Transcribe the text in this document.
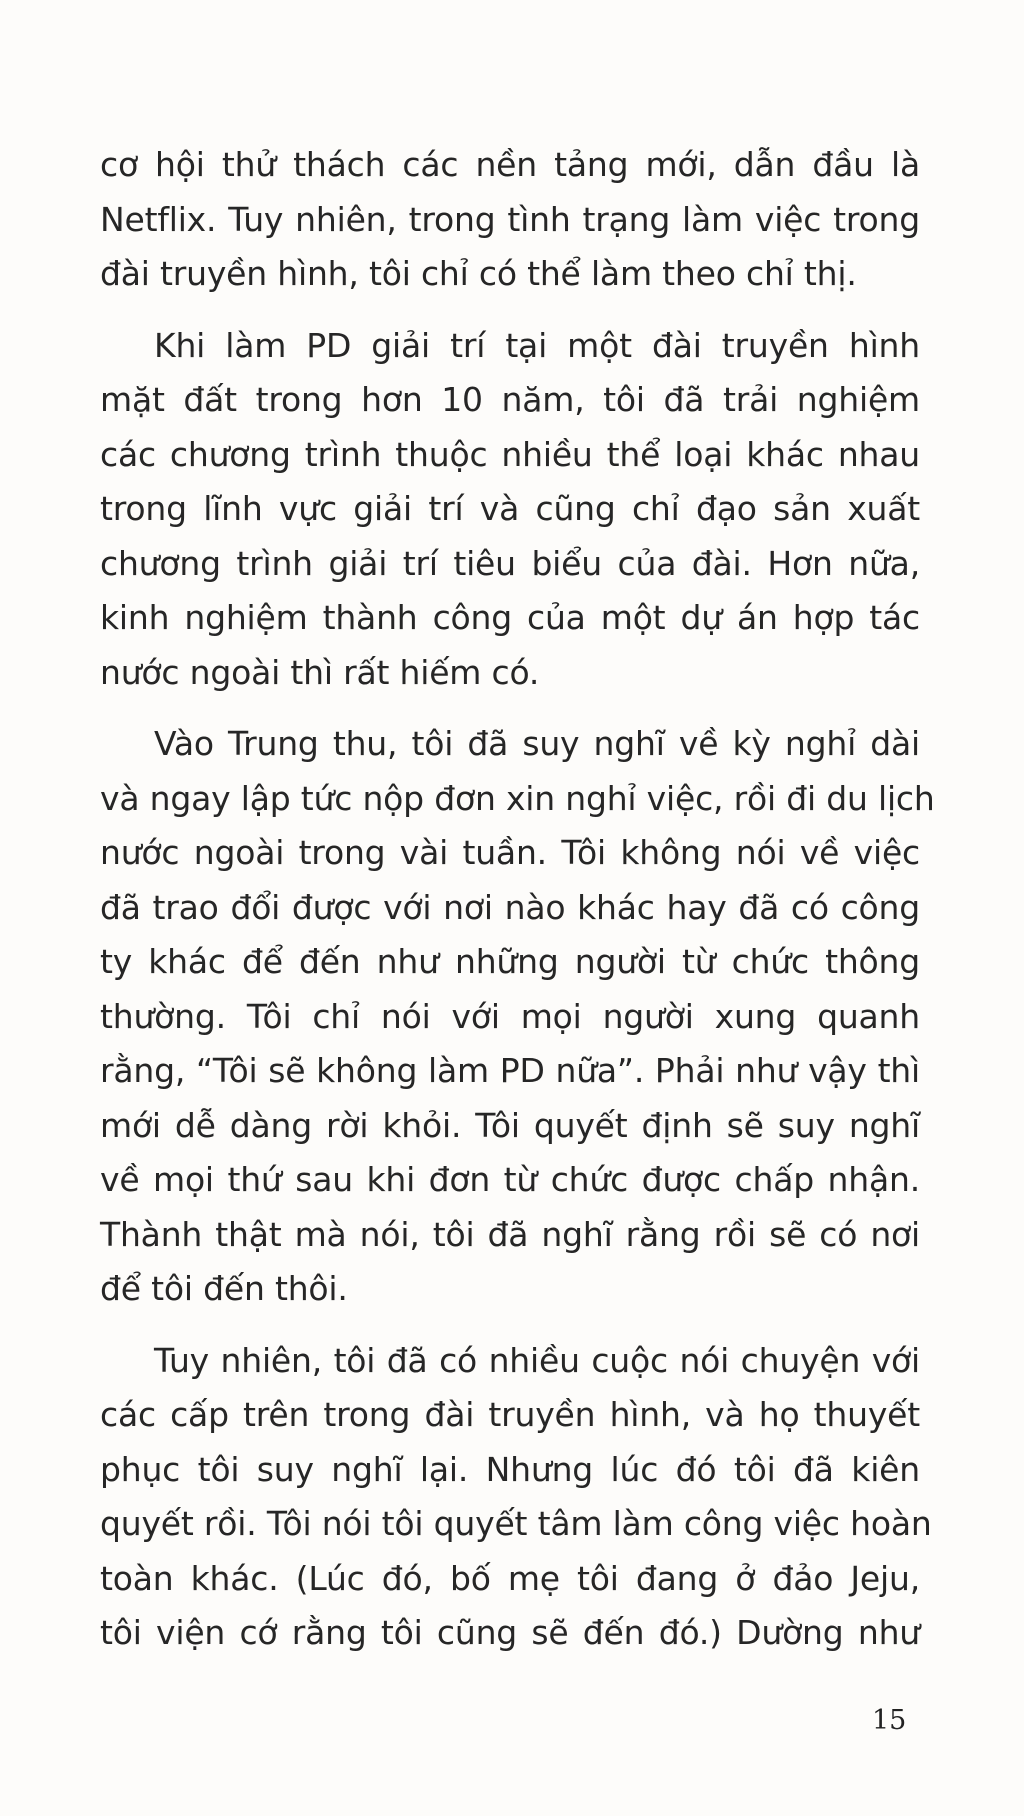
cơ hội thử thách các nền tảng mới, dẫn đầu là
Netflix. Tuy nhiên, trong tình trạng làm việc trong
đài truyền hình, tôi chỉ có thể làm theo chỉ thị.

Khi làm PD giải trí tại một đài truyền hình
mặt đất trong hơn 10 năm, tôi đã trải nghiệm
các chương trình thuộc nhiều thể loại khác nhau
trong lĩnh vực giải trí và cũng chỉ đạo sản xuất
chương trình giải trí tiêu biểu của đài. Hơn nữa,
kinh nghiệm thành công của một dự án hợp tác
nước ngoài thì rất hiếm có.

Vào Trung thu, tôi đã suy nghĩ về kỳ nghỉ dài
và ngay lập tức nộp đơn xin nghỉ việc, rồi đi du lịch
nước ngoài trong vài tuần. Tôi không nói về việc
đã trao đổi được với nơi nào khác hay đã có công
ty khác để đến như những người từ chức thông
thường. Tôi chỉ nói với mọi người xung quanh
rằng, “Tôi sẽ không làm PD nữa”. Phải như vậy thì
mới dễ dàng rời khỏi. Tôi quyết định sẽ suy nghĩ
về mọi thứ sau khi đơn từ chức được chấp nhận.
Thành thật mà nói, tôi đã nghĩ rằng rồi sẽ có nơi
để tôi đến thôi.

Tuy nhiên, tôi đã có nhiều cuộc nói chuyện với
các cấp trên trong đài truyền hình, và họ thuyết
phục tôi suy nghĩ lại. Nhưng lúc đó tôi đã kiên
quyết rồi. Tôi nói tôi quyết tâm làm công việc hoàn
toàn khác. (Lúc đó, bố mẹ tôi đang ở đảo Jeju,
tôi viện cớ rằng tôi cũng sẽ đến đó.) Dường như

15
